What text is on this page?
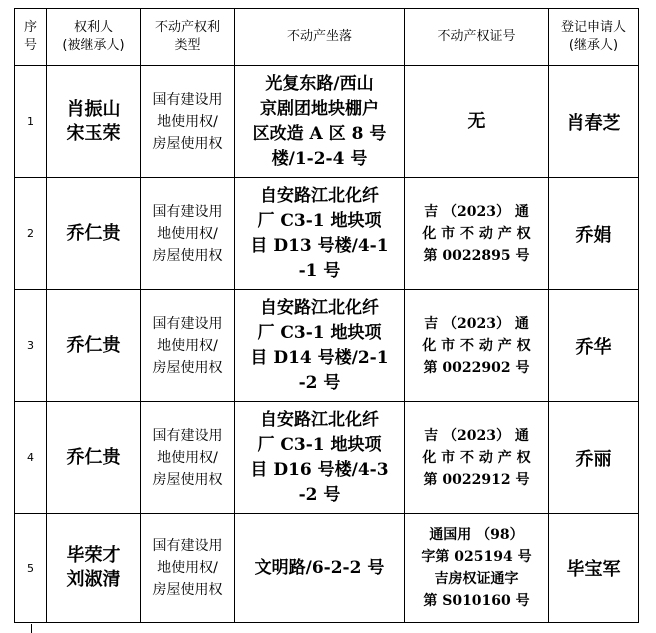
序
号	权利人
(被继承人)	不动产权利
类型	不动产坐落	不动产权证号	登记申请人
(继承人)

1	肖振山
宋玉荣	国有建设用
地使用权/
房屋使用权	光复东路/西山
京剧团地块棚户
区改造 A 区 8 号
楼/1-2-4 号	无	肖春芝

2	乔仁贵	国有建设用
地使用权/
房屋使用权	自安路江北化纤
厂 C3-1 地块项
目 D13 号楼/4-1
-1 号	吉 （2023） 通
化 市 不 动 产 权
第 0022895 号	乔娟

3	乔仁贵	国有建设用
地使用权/
房屋使用权	自安路江北化纤
厂 C3-1 地块项
目 D14 号楼/2-1
-2 号	吉 （2023） 通
化 市 不 动 产 权
第 0022902 号	乔华

4	乔仁贵	国有建设用
地使用权/
房屋使用权	自安路江北化纤
厂 C3-1 地块项
目 D16 号楼/4-3
-2 号	吉 （2023） 通
化 市 不 动 产 权
第 0022912 号	乔丽

5	毕荣才
刘淑清	国有建设用
地使用权/
房屋使用权	文明路/6-2-2 号	通国用 （98）
字第 025194 号
吉房权证通字
第 S010160 号	毕宝军
